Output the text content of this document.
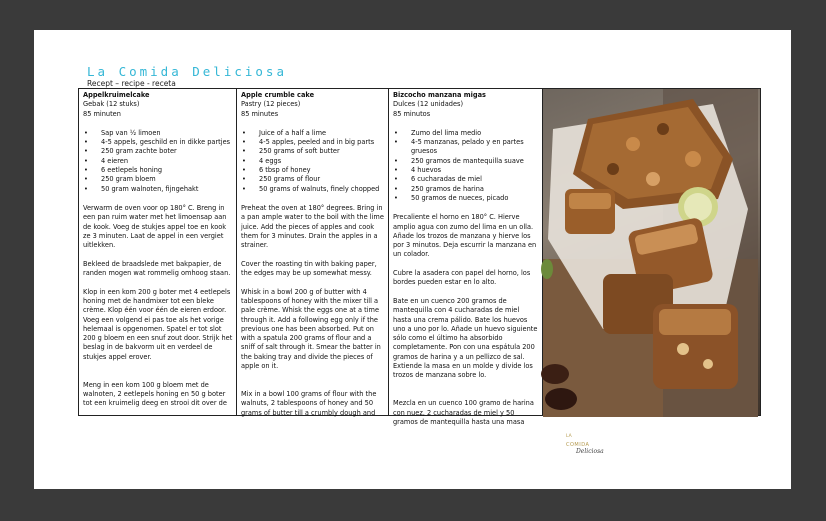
La Comida Deliciosa
Recept – recipe - receta
Appelkruimelcake
Gebak (12 stuks)
85 minuten
• Sap van ½ limoen
• 4-5 appels, geschild en in dikke partjes
• 250 gram zachte boter
• 4 eieren
• 6 eetlepels honing
• 250 gram bloem
• 50 gram walnoten, fijngehakt

Verwarm de oven voor op 180° C. Breng in een pan ruim water met het limoensap aan de kook. Voeg de stukjes appel toe en kook ze 3 minuten. Laat de appel in een vergiet uitlekken.

Bekleed de braadslede met bakpapier, de randen mogen wat rommelig omhoog staan.

Klop in een kom 200 g boter met 4 eetlepels honing met de handmixer tot een bleke crème. Klop één voor één de eieren erdoor. Voeg een volgend ei pas toe als het vorige helemaal is opgenomen. Spatel er tot slot 200 g bloem en een snuf zout door. Strijk het beslag in de bakvorm uit en verdeel de stukjes appel erover.

Meng in een kom 100 g bloem met de walnoten, 2 eetlepels honing en 50 g boter tot een kruimelig deeg en strooi dit over de

Apple crumble cake
Pastry (12 pieces)
85 minutes
• Juice of a half a lime
• 4-5 apples, peeled and in big parts
• 250 grams of soft butter
• 4 eggs
• 6 tbsp of honey
• 250 grams of flour
• 50 grams of walnuts, finely chopped

Preheat the oven at 180° degrees. Bring in a pan ample water to the boil with the lime juice. Add the pieces of apples and cook them for 3 minutes. Drain the apples in a strainer.

Cover the roasting tin with baking paper, the edges may be up somewhat messy.

Whisk in a bowl 200 g of butter with 4 tablespoons of honey with the mixer till a pale crème. Whisk the eggs one at a time through it. Add a following egg only if the previous one has been absorbed. Put on with a spatula 200 grams of flour and a sniff of salt through it. Smear the batter in the baking tray and divide the pieces of apple on it.

Mix in a bowl 100 grams of flour with the walnuts, 2 tablespoons of honey and 50 grams of butter till a crumbly dough and

Bizcocho manzana migas
Dulces (12 unidades)
85 minutos
• Zumo del lima medio
• 4-5 manzanas, pelado y en partes gruesos
• 250 gramos de mantequilla suave
• 4 huevos
• 6 cucharadas de miel
• 250 gramos de harina
• 50 gramos de nueces, picado

Precaliente el horno en 180° C. Hierve amplio agua con zumo del lima en un olla. Añade los trozos de manzana y hierve los por 3 minutos. Deja escurrir la manzana en un colador.

Cubre la asadera con papel del horno, los bordes pueden estar en lo alto.

Bate en un cuenco 200 gramos de mantequilla con 4 cucharadas de miel hasta una crema pálido. Bate los huevos uno a uno por lo. Añade un huevo siguiente sólo como el último ha absorbido completamente. Pon con una espátula 200 gramos de harina y a un pellizco de sal. Extiende la masa en un molde y divide los trozos de manzana sobre lo.

Mezcla en un cuenco 100 gramo de harina con nuez, 2 cucharadas de miel y 50 gramos de mantequilla hasta una masa

LA
COMIDA
Deliciosa
